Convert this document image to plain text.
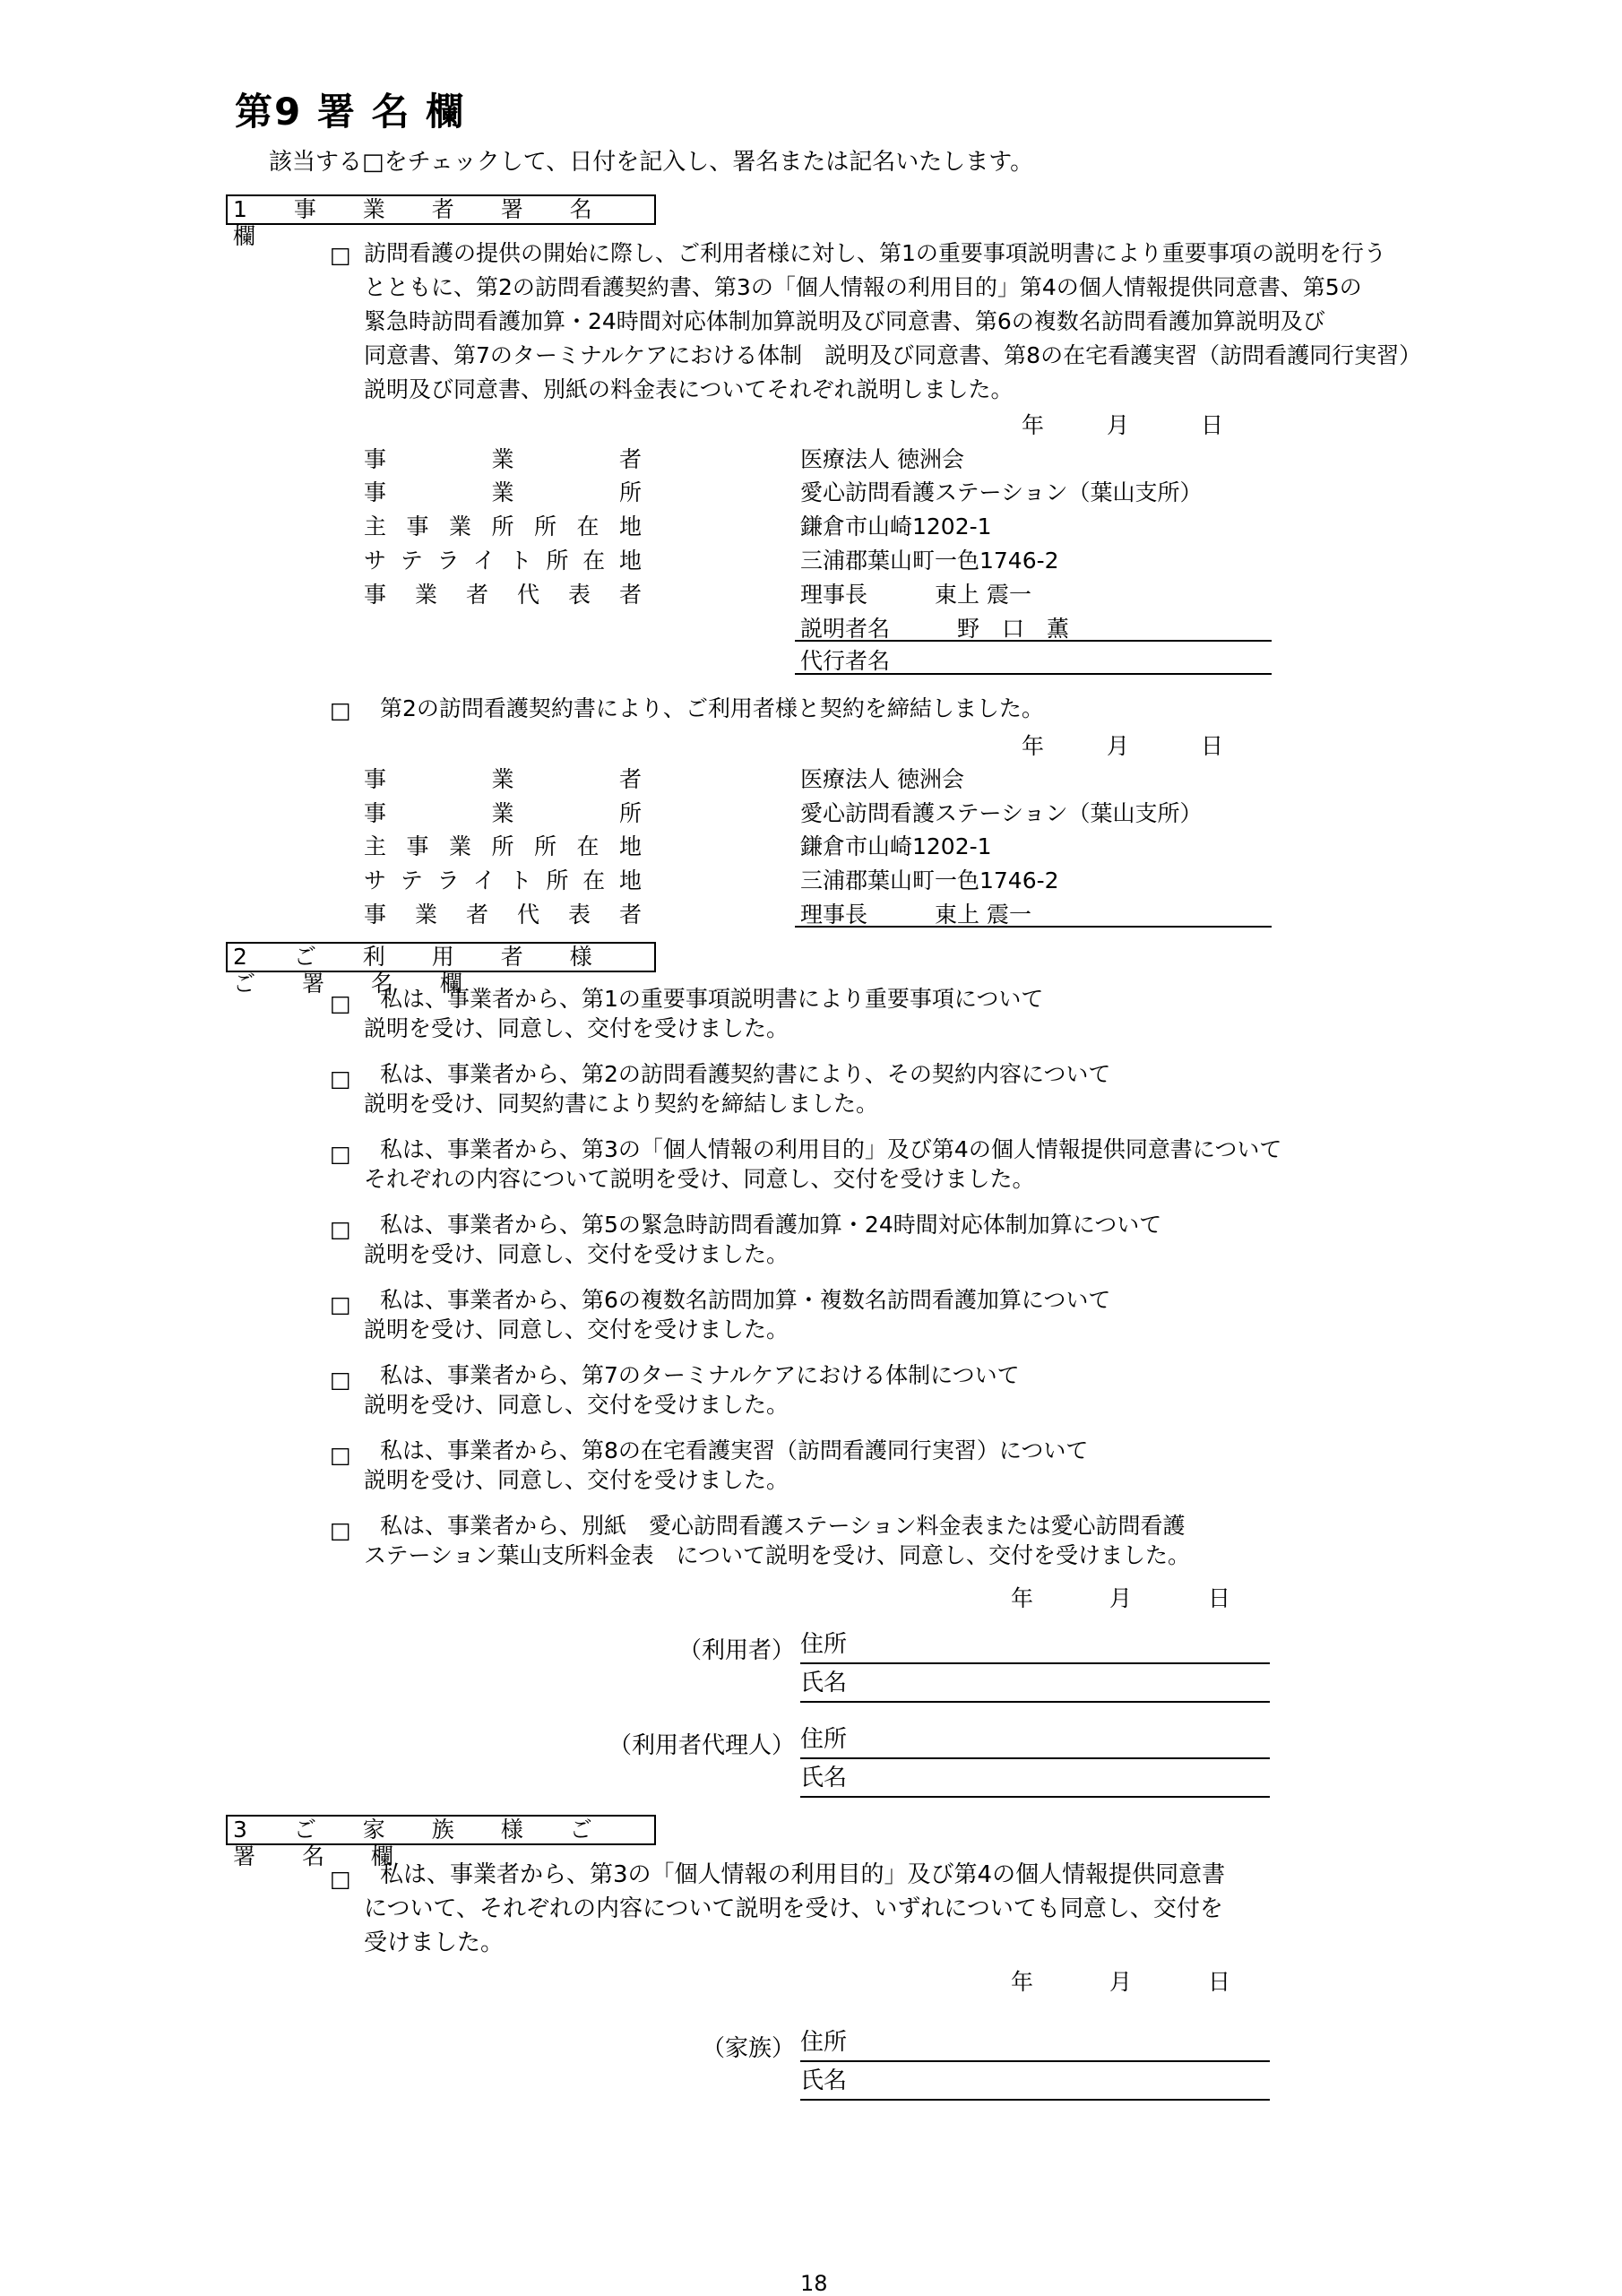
第9 署 名 欄
該当する□をチェックして、日付を記入し、署名または記名いたします。
1 事 業 者 署 名 欄
□ 訪問看護の提供の開始に際し、ご利用者様に対し、第1の重要事項説明書により重要事項の説明を行う
とともに、第2の訪問看護契約書、第3の「個人情報の利用目的」第4の個人情報提供同意書、第5の
緊急時訪問看護加算・24時間対応体制加算説明及び同意書、第6の複数名訪問看護加算説明及び
同意書、第7のターミナルケアにおける体制　説明及び同意書、第8の在宅看護実習（訪問看護同行実習）
説明及び同意書、別紙の料金表についてそれぞれ説明しました。
年	月	日
事業者	医療法人 徳洲会
事業所	愛心訪問看護ステーション（葉山支所）
主事業所所在地	鎌倉市山崎1202-1
サテライト所在地	三浦郡葉山町一色1746-2
事業者代表者	理事長　　　東上 震一
説明者名　　　野　口　薫
代行者名
□ 第2の訪問看護契約書により、ご利用者様と契約を締結しました。
年	月	日
事業者	医療法人 徳洲会
事業所	愛心訪問看護ステーション（葉山支所）
主事業所所在地	鎌倉市山崎1202-1
サテライト所在地	三浦郡葉山町一色1746-2
事業者代表者	理事長　　　東上 震一
2 ご 利 用 者 様 ご 署 名 欄
□	私は、事業者から、第1の重要事項説明書により重要事項について
説明を受け、同意し、交付を受けました。
□	私は、事業者から、第2の訪問看護契約書により、その契約内容について
説明を受け、同契約書により契約を締結しました。
□	私は、事業者から、第3の「個人情報の利用目的」及び第4の個人情報提供同意書について
それぞれの内容について説明を受け、同意し、交付を受けました。
□	私は、事業者から、第5の緊急時訪問看護加算・24時間対応体制加算について
説明を受け、同意し、交付を受けました。
□	私は、事業者から、第6の複数名訪問加算・複数名訪問看護加算について
説明を受け、同意し、交付を受けました。
□	私は、事業者から、第7のターミナルケアにおける体制について
説明を受け、同意し、交付を受けました。
□	私は、事業者から、第8の在宅看護実習（訪問看護同行実習）について
説明を受け、同意し、交付を受けました。
□	私は、事業者から、別紙　愛心訪問看護ステーション料金表または愛心訪問看護
ステーション葉山支所料金表　について説明を受け、同意し、交付を受けました。
年	月	日
（利用者） 住所
氏名
（利用者代理人） 住所
氏名
3 ご 家 族 様 ご 署 名 欄
□	私は、事業者から、第3の「個人情報の利用目的」及び第4の個人情報提供同意書
について、それぞれの内容について説明を受け、いずれについても同意し、交付を
受けました。
年	月	日
（家族） 住所
氏名
18
